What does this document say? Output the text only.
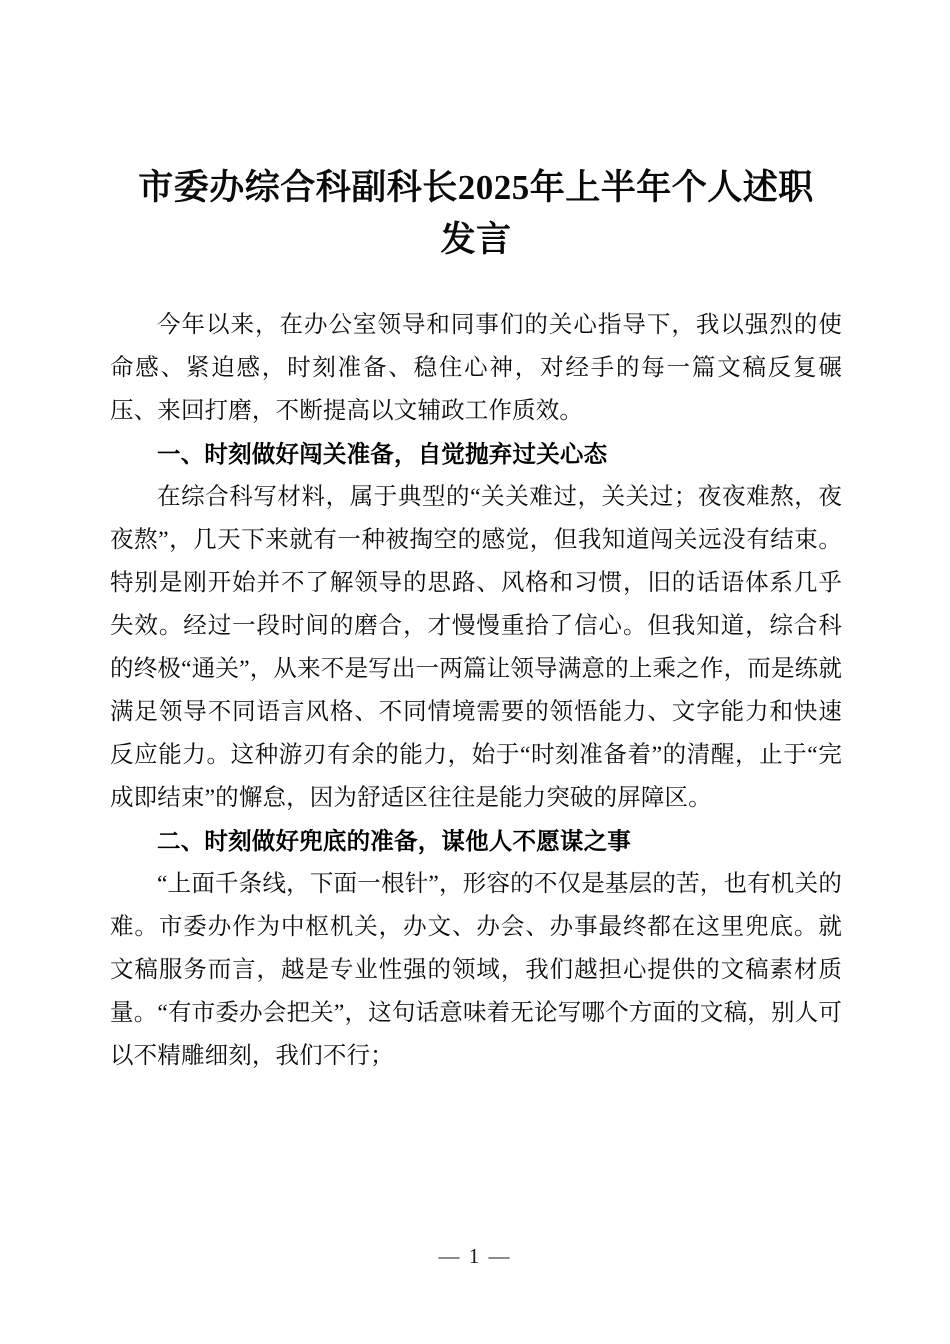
市委办综合科副科长2025年上半年个人述职
发言

今年以来，在办公室领导和同事们的关心指导下，我以强烈的使命感、紧迫感，时刻准备、稳住心神，对经手的每一篇文稿反复碾压、来回打磨，不断提高以文辅政工作质效。

一、时刻做好闯关准备，自觉抛弃过关心态

在综合科写材料，属于典型的“关关难过，关关过；夜夜难熬，夜夜熬”，几天下来就有一种被掏空的感觉，但我知道闯关远没有结束。特别是刚开始并不了解领导的思路、风格和习惯，旧的话语体系几乎失效。经过一段时间的磨合，才慢慢重拾了信心。但我知道，综合科的终极“通关”，从来不是写出一两篇让领导满意的上乘之作，而是练就满足领导不同语言风格、不同情境需要的领悟能力、文字能力和快速反应能力。这种游刃有余的能力，始于“时刻准备着”的清醒，止于“完成即结束”的懈怠，因为舒适区往往是能力突破的屏障区。

二、时刻做好兜底的准备，谋他人不愿谋之事

“上面千条线，下面一根针”，形容的不仅是基层的苦，也有机关的难。市委办作为中枢机关，办文、办会、办事最终都在这里兜底。就文稿服务而言，越是专业性强的领域，我们越担心提供的文稿素材质量。“有市委办会把关”，这句话意味着无论写哪个方面的文稿，别人可以不精雕细刻，我们不行；

— 1 —
